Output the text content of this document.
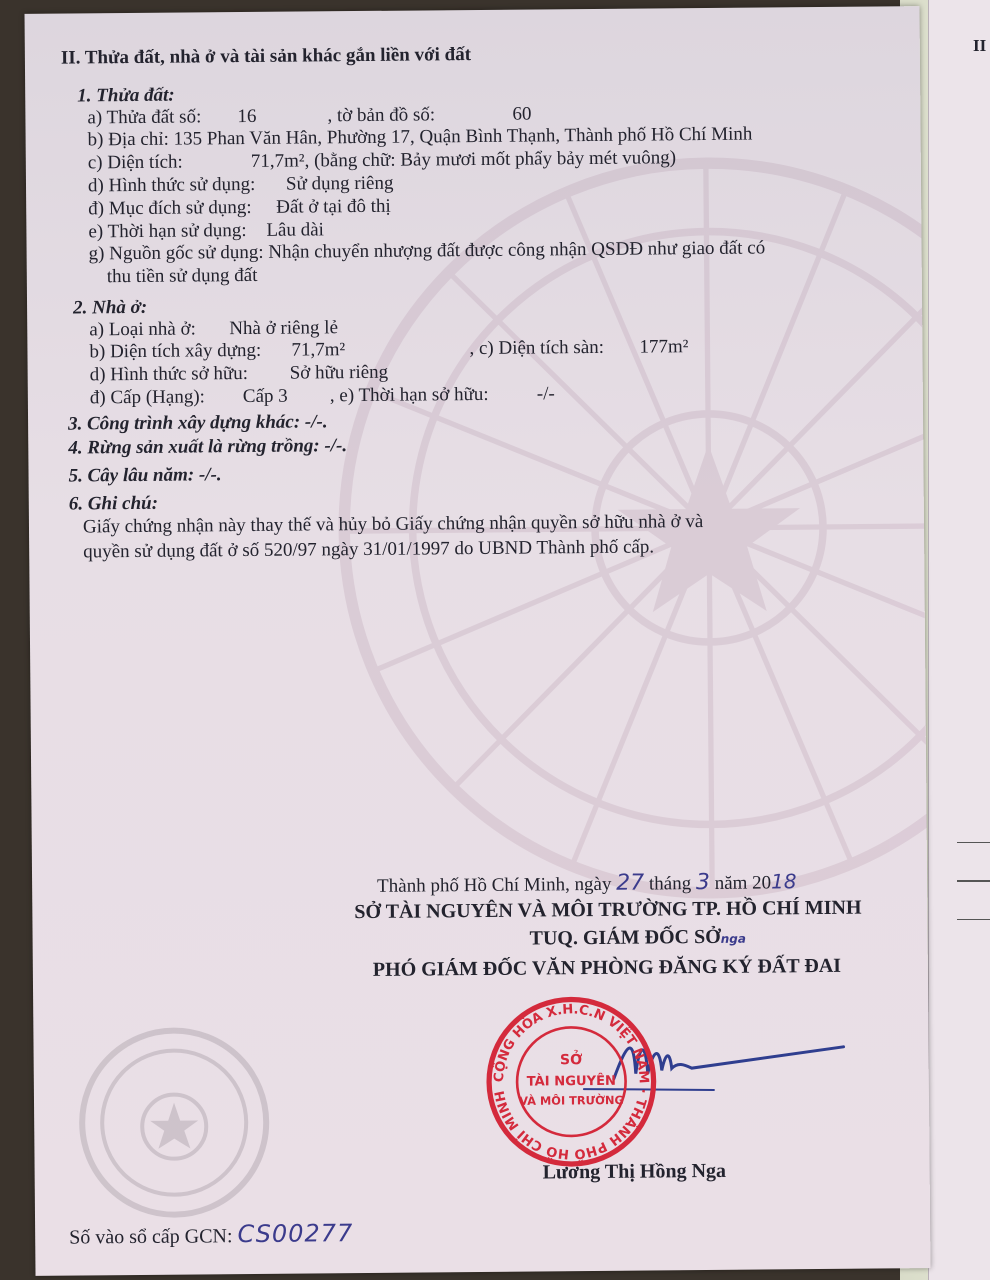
II
II. Thửa đất, nhà ở và tài sản khác gắn liền với đất
1. Thửa đất:
a) Thửa đất số: 16	, tờ bản đồ số:	60
b) Địa chỉ: 135 Phan Văn Hân, Phường 17, Quận Bình Thạnh, Thành phố Hồ Chí Minh
c) Diện tích:	71,7m², (bằng chữ: Bảy mươi mốt phẩy bảy mét vuông)
d) Hình thức sử dụng: Sử dụng riêng
đ) Mục đích sử dụng: Đất ở tại đô thị
e) Thời hạn sử dụng: Lâu dài
g) Nguồn gốc sử dụng: Nhận chuyển nhượng đất được công nhận QSDĐ như giao đất có
thu tiền sử dụng đất
2. Nhà ở:
a) Loại nhà ở: Nhà ở riêng lẻ
b) Diện tích xây dựng: 71,7m²	, c) Diện tích sàn: 177m²
d) Hình thức sở hữu: Sở hữu riêng
đ) Cấp (Hạng): Cấp 3 , e) Thời hạn sở hữu:	-/-
3. Công trình xây dựng khác: -/-.
4. Rừng sản xuất là rừng trồng: -/-.
5. Cây lâu năm: -/-.
6. Ghi chú:
Giấy chứng nhận này thay thế và hủy bỏ Giấy chứng nhận quyền sở hữu nhà ở và
quyền sử dụng đất ở số 520/97 ngày 31/01/1997 do UBND Thành phố cấp.
Thành phố Hồ Chí Minh, ngày 27 tháng 3 năm 2018
SỞ TÀI NGUYÊN VÀ MÔI TRƯỜNG TP. HỒ CHÍ MINH
TUQ. GIÁM ĐỐC SỞnga
PHÓ GIÁM ĐỐC VĂN PHÒNG ĐĂNG KÝ ĐẤT ĐAI
CỘNG HÒA X.H.C.N VIỆT NAM · THÀNH PHỐ HỒ CHÍ MINH
SỞ
TÀI NGUYÊN
VÀ MÔI TRƯỜNG
Lương Thị Hồng Nga
Số vào sổ cấp GCN: CS00277
